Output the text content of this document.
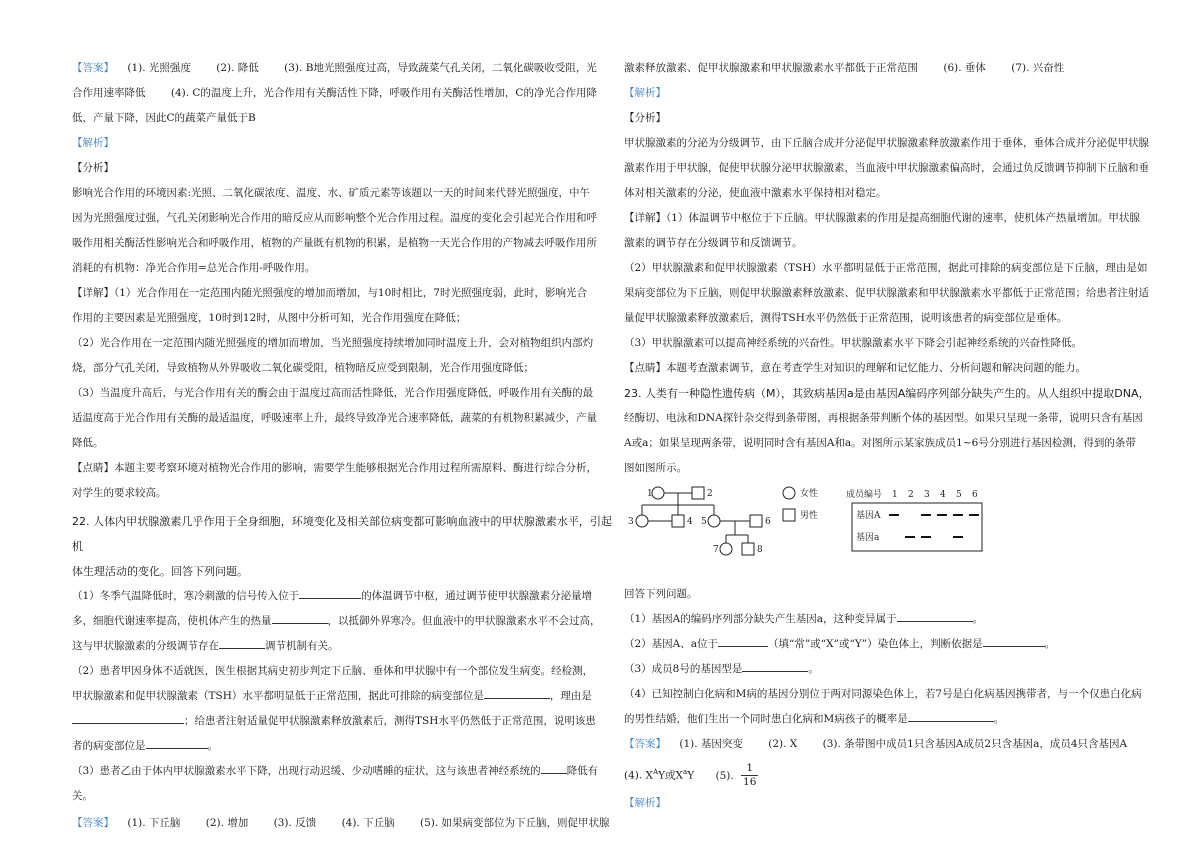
【答案】 (1). 光照强度 (2). 降低 (3). B地光照强度过高，导致蔬菜气孔关闭，二氧化碳吸收受阻，光

合作用速率降低 (4). C的温度上升，光合作用有关酶活性下降，呼吸作用有关酶活性增加，C的净光合作用降

低，产量下降，因此C的蔬菜产量低于B

【解析】

【分析】

影响光合作用的环境因素:光照、二氧化碳浓度、温度、水、矿质元素等该题以一天的时间来代替光照强度，中午

因为光照强度过强，气孔关闭影响光合作用的暗反应从而影响整个光合作用过程。温度的变化会引起光合作用和呼

吸作用相关酶活性影响光合和呼吸作用，植物的产量既有机物的积累，是植物一天光合作用的产物减去呼吸作用所

消耗的有机物：净光合作用=总光合作用-呼吸作用。

【详解】（1）光合作用在一定范围内随光照强度的增加而增加，与10时相比，7时光照强度弱，此时，影响光合

作用的主要因素是光照强度，10时到12时，从图中分析可知，光合作用强度在降低；

（2）光合作用在一定范围内随光照强度的增加而增加，当光照强度持续增加同时温度上升，会对植物组织内部灼

烧，部分气孔关闭，导致植物从外界吸收二氧化碳受阻，植物暗反应受到限制，光合作用强度降低；

（3）当温度升高后，与光合作用有关的酶会由于温度过高而活性降低，光合作用强度降低，呼吸作用有关酶的最

适温度高于光合作用有关酶的最适温度，呼吸速率上升，最终导致净光合速率降低，蔬菜的有机物积累减少，产量

降低。

【点睛】本题主要考察环境对植物光合作用的影响，需要学生能够根据光合作用过程所需原料、酶进行综合分析，

对学生的要求较高。

22. 人体内甲状腺激素几乎作用于全身细胞，环境变化及相关部位病变都可影响血液中的甲状腺激素水平，引起机

体生理活动的变化。回答下列问题。

（1）冬季气温降低时，寒冷刺激的信号传入位于	的体温调节中枢，通过调节使甲状腺激素分泌量增

多，细胞代谢速率提高，使机体产生的热量	，以抵御外界寒冷。但血液中的甲状腺激素水平不会过高，

这与甲状腺激素的分级调节存在	调节机制有关。

（2）患者甲因身体不适就医，医生根据其病史初步判定下丘脑、垂体和甲状腺中有一个部位发生病变。经检测，

甲状腺激素和促甲状腺激素（TSH）水平都明显低于正常范围，据此可排除的病变部位是	，理由是

；给患者注射适量促甲状腺激素释放激素后，测得TSH水平仍然低于正常范围，说明该患

者的病变部位是	。

（3）患者乙由于体内甲状腺激素水平下降，出现行动迟缓、少动嗜睡的症状，这与该患者神经系统的 降低有

关。

【答案】 (1). 下丘脑 (2). 增加 (3). 反馈 (4). 下丘脑 (5). 如果病变部位为下丘脑，则促甲状腺

激素释放激素、促甲状腺激素和甲状腺激素水平都低于正常范围 (6). 垂体 (7). 兴奋性

【解析】

【分析】

甲状腺激素的分泌为分级调节，由下丘脑合成并分泌促甲状腺激素释放激素作用于垂体，垂体合成并分泌促甲状腺

激素作用于甲状腺，促使甲状腺分泌甲状腺激素，当血液中甲状腺激素偏高时，会通过负反馈调节抑制下丘脑和垂

体对相关激素的分泌，使血液中激素水平保持相对稳定。

【详解】（1）体温调节中枢位于下丘脑。甲状腺激素的作用是提高细胞代谢的速率，使机体产热量增加。甲状腺

激素的调节存在分级调节和反馈调节。

（2）甲状腺激素和促甲状腺激素（TSH）水平都明显低于正常范围，据此可排除的病变部位是下丘脑，理由是如

果病变部位为下丘脑，则促甲状腺激素释放激素、促甲状腺激素和甲状腺激素水平都低于正常范围；给患者注射适

量促甲状腺激素释放激素后，测得TSH水平仍然低于正常范围，说明该患者的病变部位是垂体。

（3）甲状腺激素可以提高神经系统的兴奋性。甲状腺激素水平下降会引起神经系统的兴奋性降低。

【点睛】本题考查激素调节，意在考查学生对知识的理解和记忆能力、分析问题和解决问题的能力。

23. 人类有一种隐性遗传病（M），其致病基因a是由基因A编码序列部分缺失产生的。从人组织中提取DNA，

经酶切、电泳和DNA探针杂交得到条带图，再根据条带判断个体的基因型。如果只呈现一条带，说明只含有基因

A或a；如果呈现两条带，说明同时含有基因A和a。对图所示某家族成员1~6号分别进行基因检测，得到的条带

图如图所示。

1	2
3	4 5	6
7	8
女性
男性
成员编号 1 2 3 4 5 6
基因A
基因a

回答下列问题。

（1）基因A的编码序列部分缺失产生基因a，这种变异属于	。

（2）基因A、a位于	（填“常”或“X”或“Y”）染色体上，判断依据是	。

（3）成员8号的基因型是	。

（4）已知控制白化病和M病的基因分别位于两对同源染色体上，若7号是白化病基因携带者，与一个仅患白化病

的男性结婚，他们生出一个同时患白化病和M病孩子的概率是	。

【答案】 (1). 基因突变 (2). X (3). 条带图中成员1只含基因A成员2只含基因a，成员4只含基因A

(4). $X^AY$或$X^aY$ (5). $\frac{1}{16}$

【解析】
